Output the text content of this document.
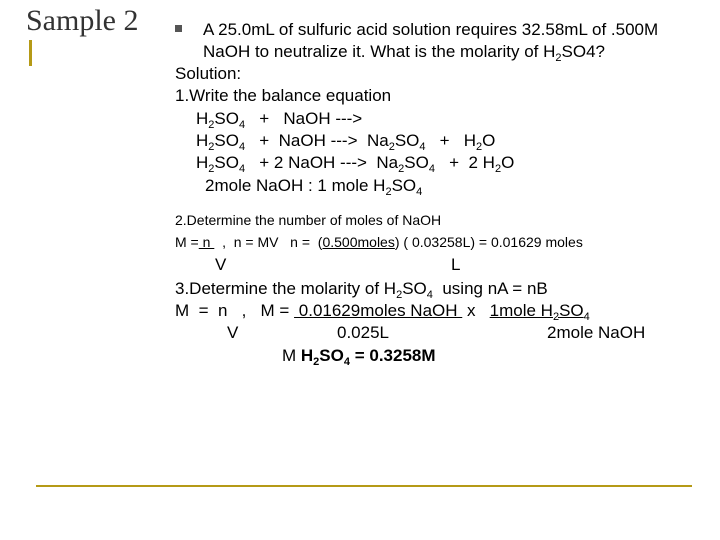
Sample 2	A 25.0mL of sulfuric acid solution requires 32.58mL of .500M
NaOH to neutralize it. What is the molarity of $H_2SO4$?
Solution:
1.Write the balance equation
$H_2SO_4$   +   NaOH --->
$H_2SO_4$   +  NaOH --->  $Na_2SO_4 + H_2O$
$H_2SO_4 + 2$ NaOH --->  $Na_2SO_4 + 2$ $H_2O$
2mole NaOH : 1 mole $H_2SO_4$
2.Determine the number of moles of NaOH
M = n   ,  n = MV   n =  (0.500moles) ( 0.03258L) = 0.01629 moles
V	L
3.Determine the molarity of $H_2SO_4$  using nA = nB
M  =  n   ,   M =  0.01629moles NaOH  x   1mole $H_2SO_4$
V	0.025L	2mole NaOH
M $H_2SO_4 = 0.3258M$
